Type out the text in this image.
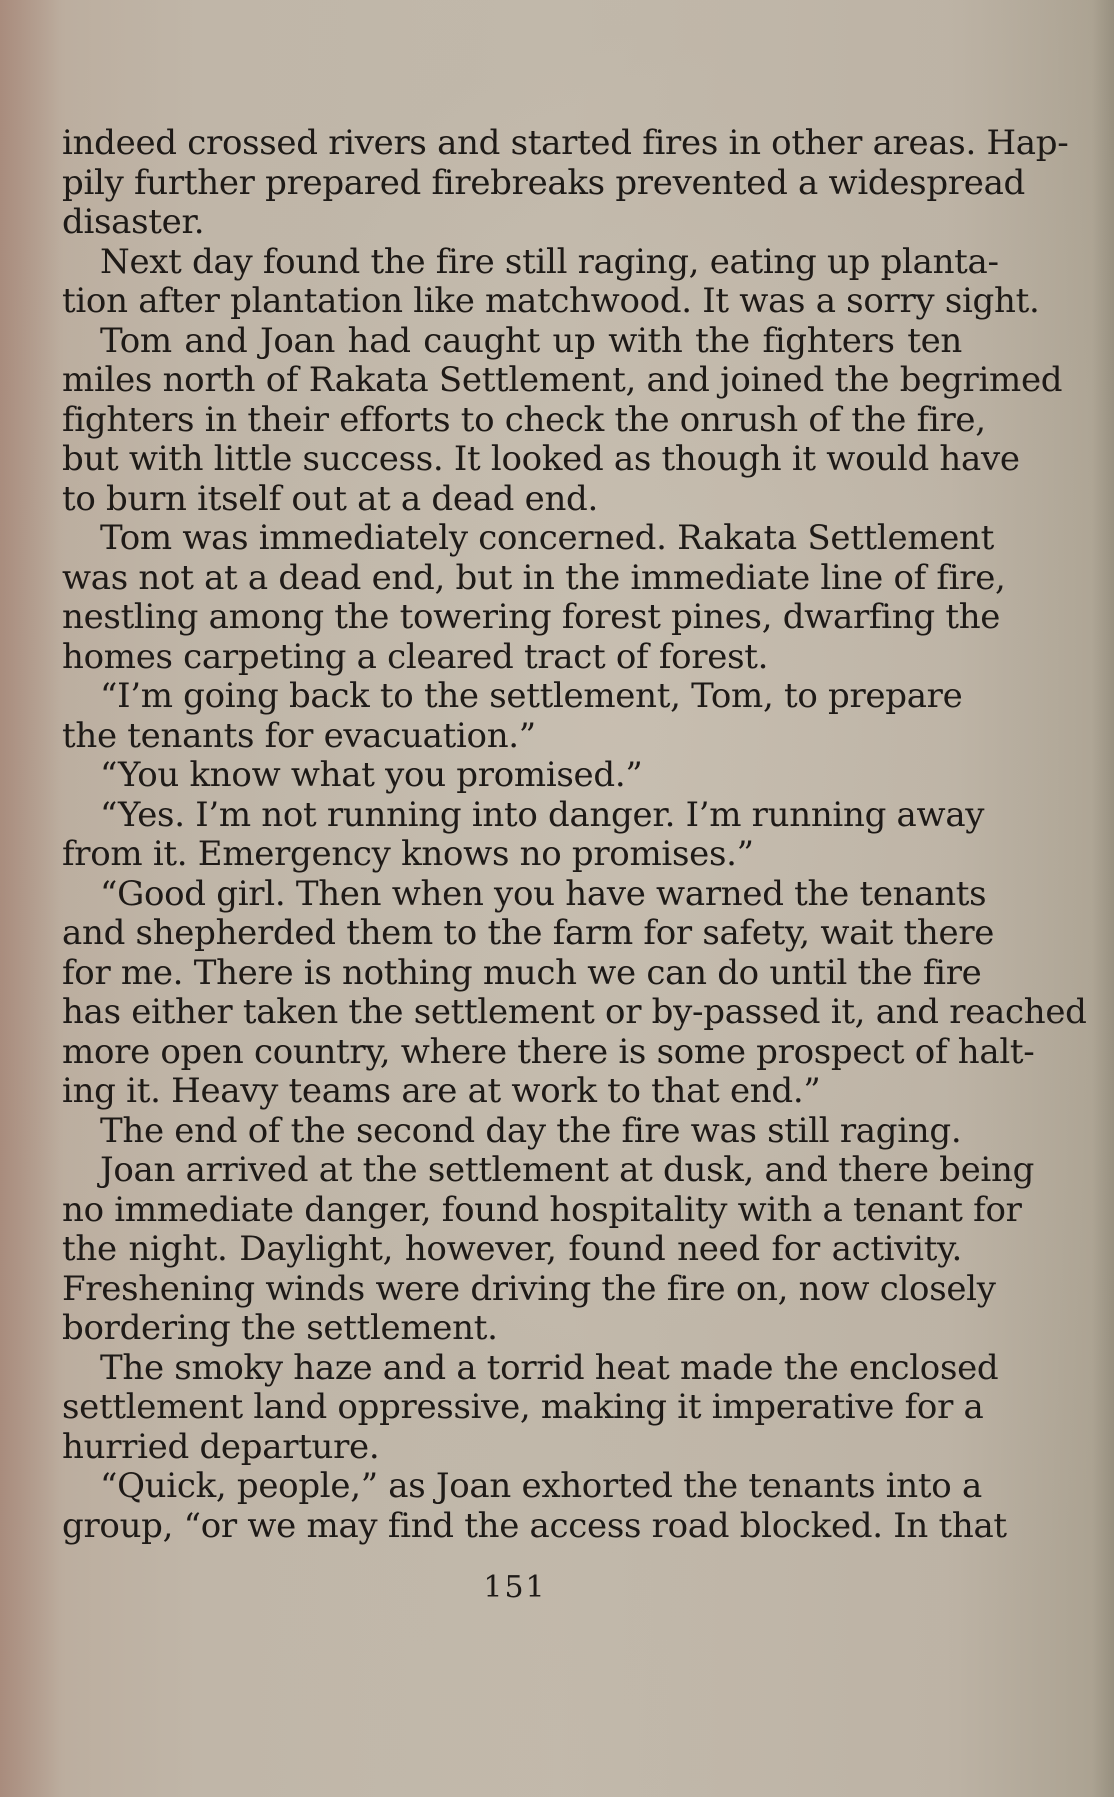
indeed crossed rivers and started fires in other areas. Hap-
pily further prepared firebreaks prevented a widespread
disaster.
Next day found the fire still raging, eating up planta-
tion after plantation like matchwood. It was a sorry sight.
Tom and Joan had caught up with the fighters ten
miles north of Rakata Settlement, and joined the begrimed
fighters in their efforts to check the onrush of the fire,
but with little success. It looked as though it would have
to burn itself out at a dead end.
Tom was immediately concerned. Rakata Settlement
was not at a dead end, but in the immediate line of fire,
nestling among the towering forest pines, dwarfing the
homes carpeting a cleared tract of forest.
“I’m going back to the settlement, Tom, to prepare
the tenants for evacuation.”
“You know what you promised.”
“Yes. I’m not running into danger. I’m running away
from it. Emergency knows no promises.”
“Good girl. Then when you have warned the tenants
and shepherded them to the farm for safety, wait there
for me. There is nothing much we can do until the fire
has either taken the settlement or by-passed it, and reached
more open country, where there is some prospect of halt-
ing it. Heavy teams are at work to that end.”
The end of the second day the fire was still raging.
Joan arrived at the settlement at dusk, and there being
no immediate danger, found hospitality with a tenant for
the night. Daylight, however, found need for activity.
Freshening winds were driving the fire on, now closely
bordering the settlement.
The smoky haze and a torrid heat made the enclosed
settlement land oppressive, making it imperative for a
hurried departure.
“Quick, people,” as Joan exhorted the tenants into a
group, “or we may find the access road blocked. In that
151
